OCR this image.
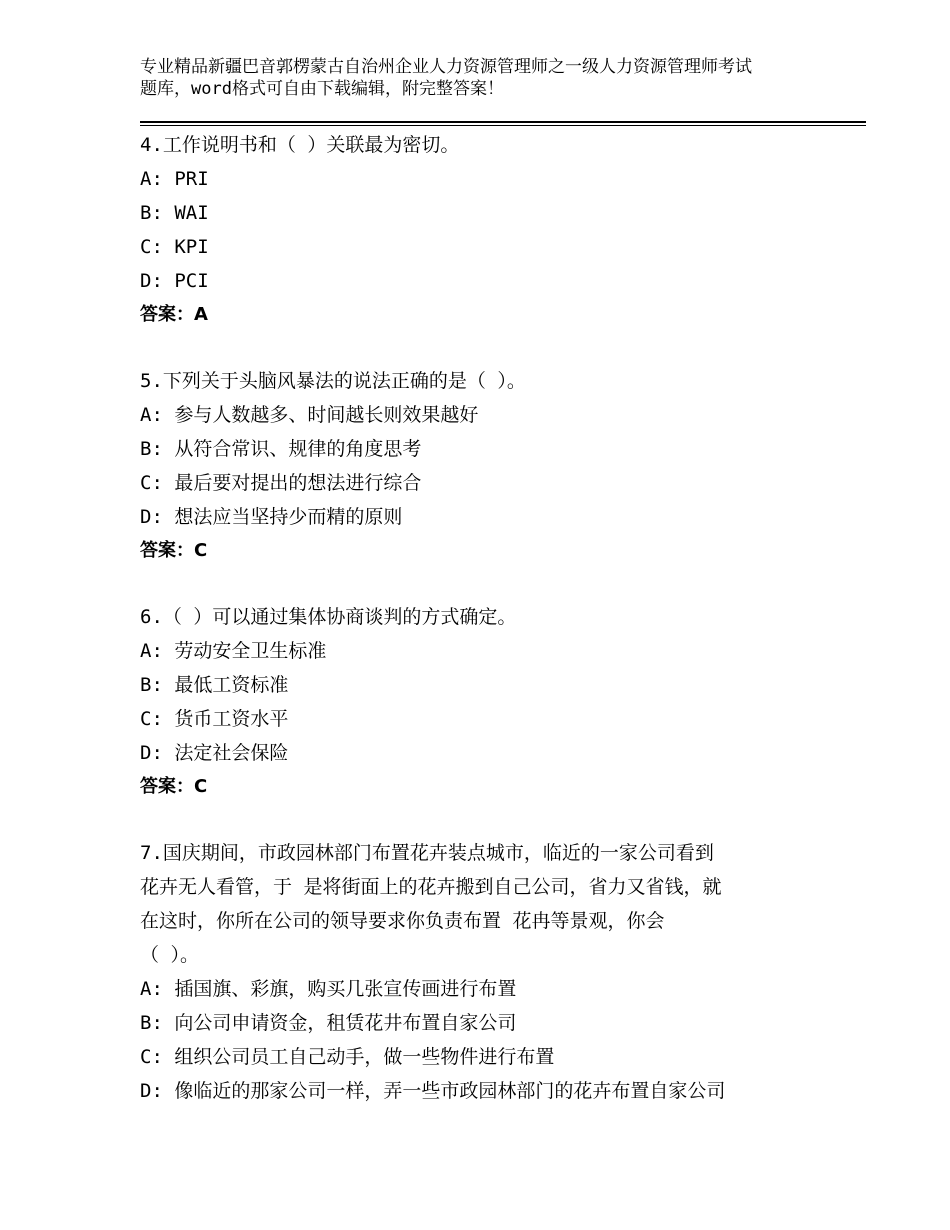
专业精品新疆巴音郭楞蒙古自治州企业人力资源管理师之一级人力资源管理师考试
题库，word格式可自由下载编辑，附完整答案！
4.工作说明书和（ ）关联最为密切。
A: PRI
B: WAI
C: KPI
D: PCI
答案：A
5.下列关于头脑风暴法的说法正确的是（ ）。
A: 参与人数越多、时间越长则效果越好
B: 从符合常识、规律的角度思考
C: 最后要对提出的想法进行综合
D: 想法应当坚持少而精的原则
答案：C
6.（ ）可以通过集体协商谈判的方式确定。
A: 劳动安全卫生标准
B: 最低工资标准
C: 货币工资水平
D: 法定社会保险
答案：C
7.国庆期间，市政园林部门布置花卉装点城市，临近的一家公司看到
花卉无人看管，于 是将街面上的花卉搬到自己公司，省力又省钱，就
在这时，你所在公司的领导要求你负责布置 花冉等景观，你会
（ ）。
A: 插国旗、彩旗，购买几张宣传画进行布置
B: 向公司申请资金，租赁花井布置自家公司
C: 组织公司员工自己动手，做一些物件进行布置
D: 像临近的那家公司一样，弄一些市政园林部门的花卉布置自家公司
